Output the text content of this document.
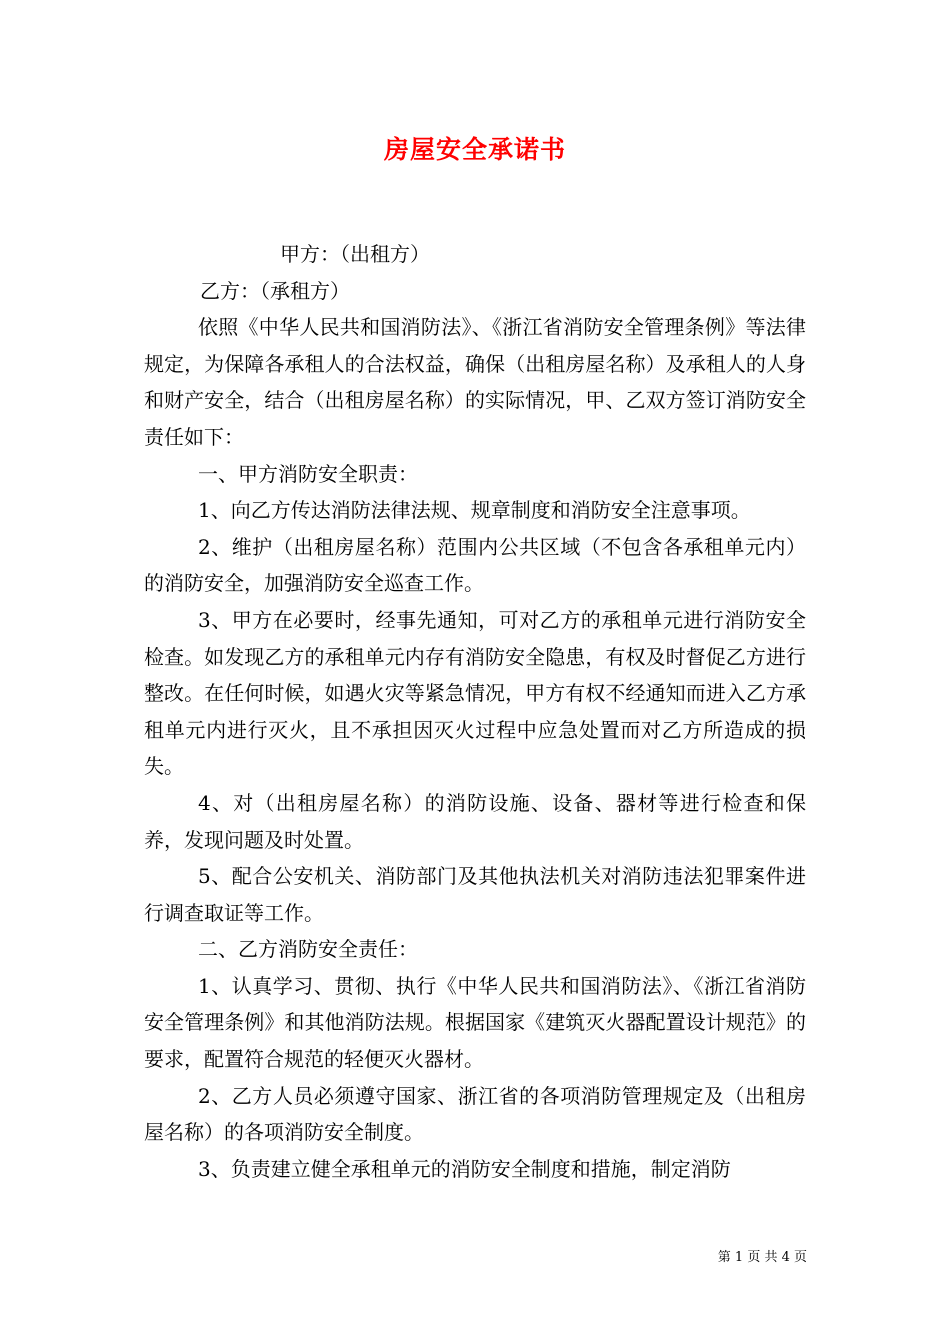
房屋安全承诺书

甲方：（出租方）

乙方：（承租方）

依照《中华人民共和国消防法》、《浙江省消防安全管理条例》等法律规定，为保障各承租人的合法权益，确保（出租房屋名称）及承租人的人身和财产安全，结合（出租房屋名称）的实际情况，甲、乙双方签订消防安全责任如下：

一、甲方消防安全职责：

1、向乙方传达消防法律法规、规章制度和消防安全注意事项。

2、维护（出租房屋名称）范围内公共区域（不包含各承租单元内）的消防安全，加强消防安全巡查工作。

3、甲方在必要时，经事先通知，可对乙方的承租单元进行消防安全检查。如发现乙方的承租单元内存有消防安全隐患，有权及时督促乙方进行整改。在任何时候，如遇火灾等紧急情况，甲方有权不经通知而进入乙方承租单元内进行灭火，且不承担因灭火过程中应急处置而对乙方所造成的损失。

4、对（出租房屋名称）的消防设施、设备、器材等进行检查和保养，发现问题及时处置。

5、配合公安机关、消防部门及其他执法机关对消防违法犯罪案件进行调查取证等工作。

二、乙方消防安全责任：

1、认真学习、贯彻、执行《中华人民共和国消防法》、《浙江省消防安全管理条例》和其他消防法规。根据国家《建筑灭火器配置设计规范》的要求，配置符合规范的轻便灭火器材。

2、乙方人员必须遵守国家、浙江省的各项消防管理规定及（出租房屋名称）的各项消防安全制度。

3、负责建立健全承租单元的消防安全制度和措施，制定消防

第 1 页 共 4 页
